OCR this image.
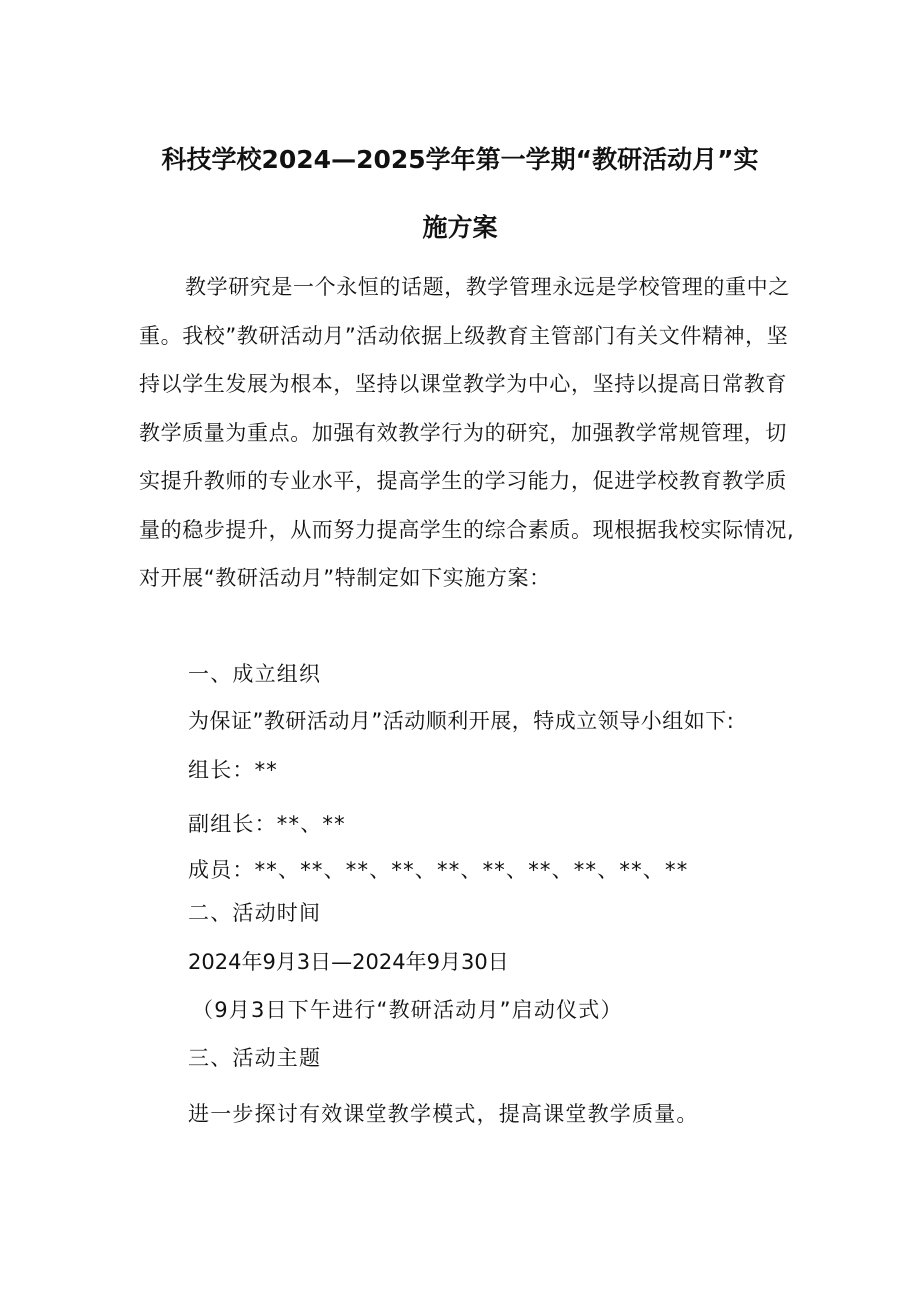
科技学校2024—2025学年第一学期“教研活动月”实
施方案
教学研究是一个永恒的话题，教学管理永远是学校管理的重中之重。我校”教研活动月”活动依据上级教育主管部门有关文件精神，坚持以学生发展为根本，坚持以课堂教学为中心，坚持以提高日常教育教学质量为重点。加强有效教学行为的研究，加强教学常规管理，切实提升教师的专业水平，提高学生的学习能力，促进学校教育教学质量的稳步提升，从而努力提高学生的综合素质。现根据我校实际情况,对开展“教研活动月”特制定如下实施方案：
一、成立组织
为保证”教研活动月”活动顺利开展，特成立领导小组如下:
组长：**
副组长：**、**
成员：**、**、**、**、**、**、**、**、**、**
二、活动时间
2024年9月3日—2024年9月30日
（9月3日下午进行“教研活动月”启动仪式）
三、活动主题
进一步探讨有效课堂教学模式，提高课堂教学质量。
